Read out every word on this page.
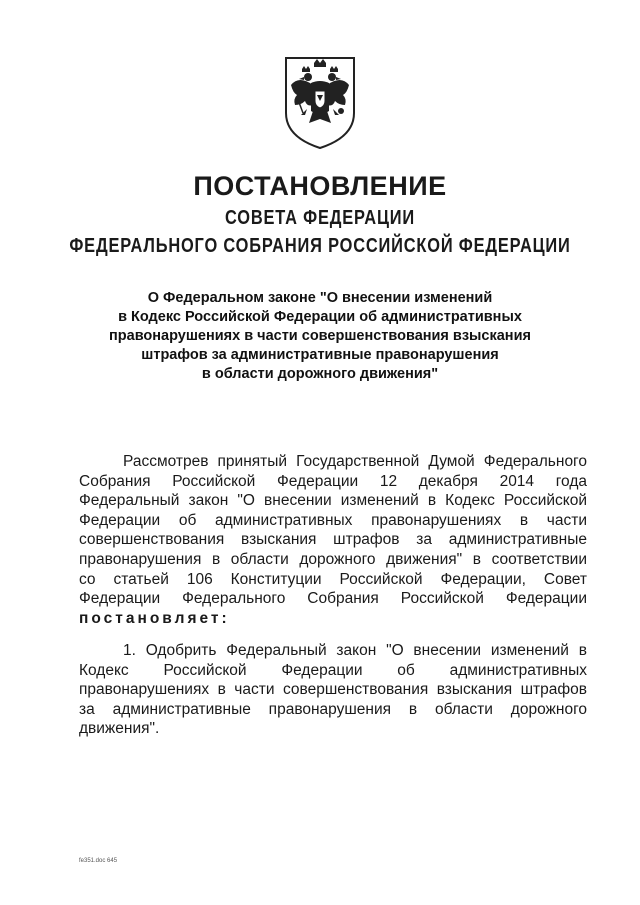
ПОСТАНОВЛЕНИЕ
СОВЕТА ФЕДЕРАЦИИ
ФЕДЕРАЛЬНОГО СОБРАНИЯ РОССИЙСКОЙ ФЕДЕРАЦИИ
О Федеральном законе "О внесении изменений
в Кодекс Российской Федерации об административных
правонарушениях в части совершенствования взыскания
штрафов за административные правонарушения
в области дорожного движения"
Рассмотрев принятый Государственной Думой Федерального
Собрания Российской Федерации 12 декабря 2014 года
Федеральный закон "О внесении изменений в Кодекс Российской
Федерации об административных правонарушениях в части
совершенствования взыскания штрафов за административные
правонарушения в области дорожного движения" в соответствии
со статьей 106 Конституции Российской Федерации, Совет
Федерации Федерального Собрания Российской Федерации
постановляет:
1. Одобрить Федеральный закон "О внесении изменений в
Кодекс Российской Федерации об административных
правонарушениях в части совершенствования взыскания штрафов
за административные правонарушения в области дорожного
движения".
fe351.doc 645
